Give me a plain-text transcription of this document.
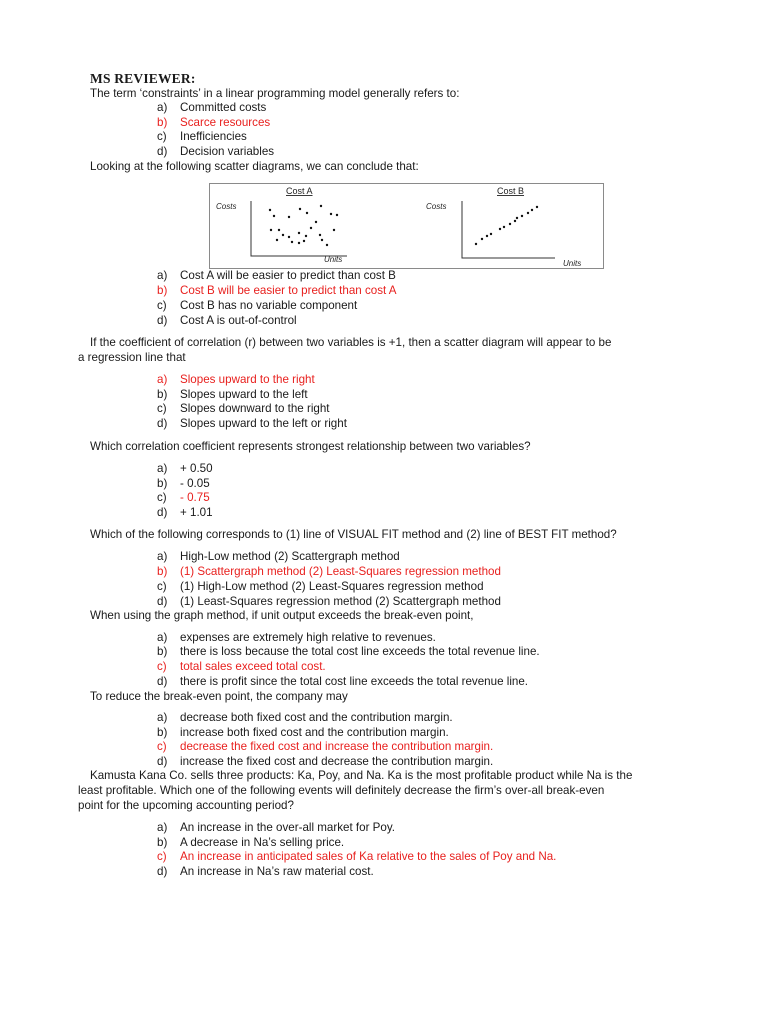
MS REVIEWER:
The term ‘constraints’ in a linear programming model generally refers to:
a) Committed costs
b) Scarce resources
c) Inefficiencies
d) Decision variables
Looking at the following scatter diagrams, we can conclude that:
Cost A
Costs
Units
Cost B
Costs
Units
a) Cost A will be easier to predict than cost B
b) Cost B will be easier to predict than cost A
c) Cost B has no variable component
d) Cost A is out-of-control
If the coefficient of correlation (r) between two variables is +1, then a scatter diagram will appear to be
a regression line that
a) Slopes upward to the right
b) Slopes upward to the left
c) Slopes downward to the right
d) Slopes upward to the left or right
Which correlation coefficient represents strongest relationship between two variables?
a) + 0.50
b) - 0.05
c) - 0.75
d) + 1.01
Which of the following corresponds to (1) line of VISUAL FIT method and (2) line of BEST FIT method?
a) High-Low method (2) Scattergraph method
b) (1) Scattergraph method (2) Least-Squares regression method
c) (1) High-Low method (2) Least-Squares regression method
d) (1) Least-Squares regression method (2) Scattergraph method
When using the graph method, if unit output exceeds the break-even point,
a) expenses are extremely high relative to revenues.
b) there is loss because the total cost line exceeds the total revenue line.
c) total sales exceed total cost.
d) there is profit since the total cost line exceeds the total revenue line.
To reduce the break-even point, the company may
a) decrease both fixed cost and the contribution margin.
b) increase both fixed cost and the contribution margin.
c) decrease the fixed cost and increase the contribution margin.
d) increase the fixed cost and decrease the contribution margin.
Kamusta Kana Co. sells three products: Ka, Poy, and Na. Ka is the most profitable product while Na is the
least profitable. Which one of the following events will definitely decrease the firm’s over-all break-even
point for the upcoming accounting period?
a) An increase in the over-all market for Poy.
b) A decrease in Na’s selling price.
c) An increase in anticipated sales of Ka relative to the sales of Poy and Na.
d) An increase in Na’s raw material cost.
